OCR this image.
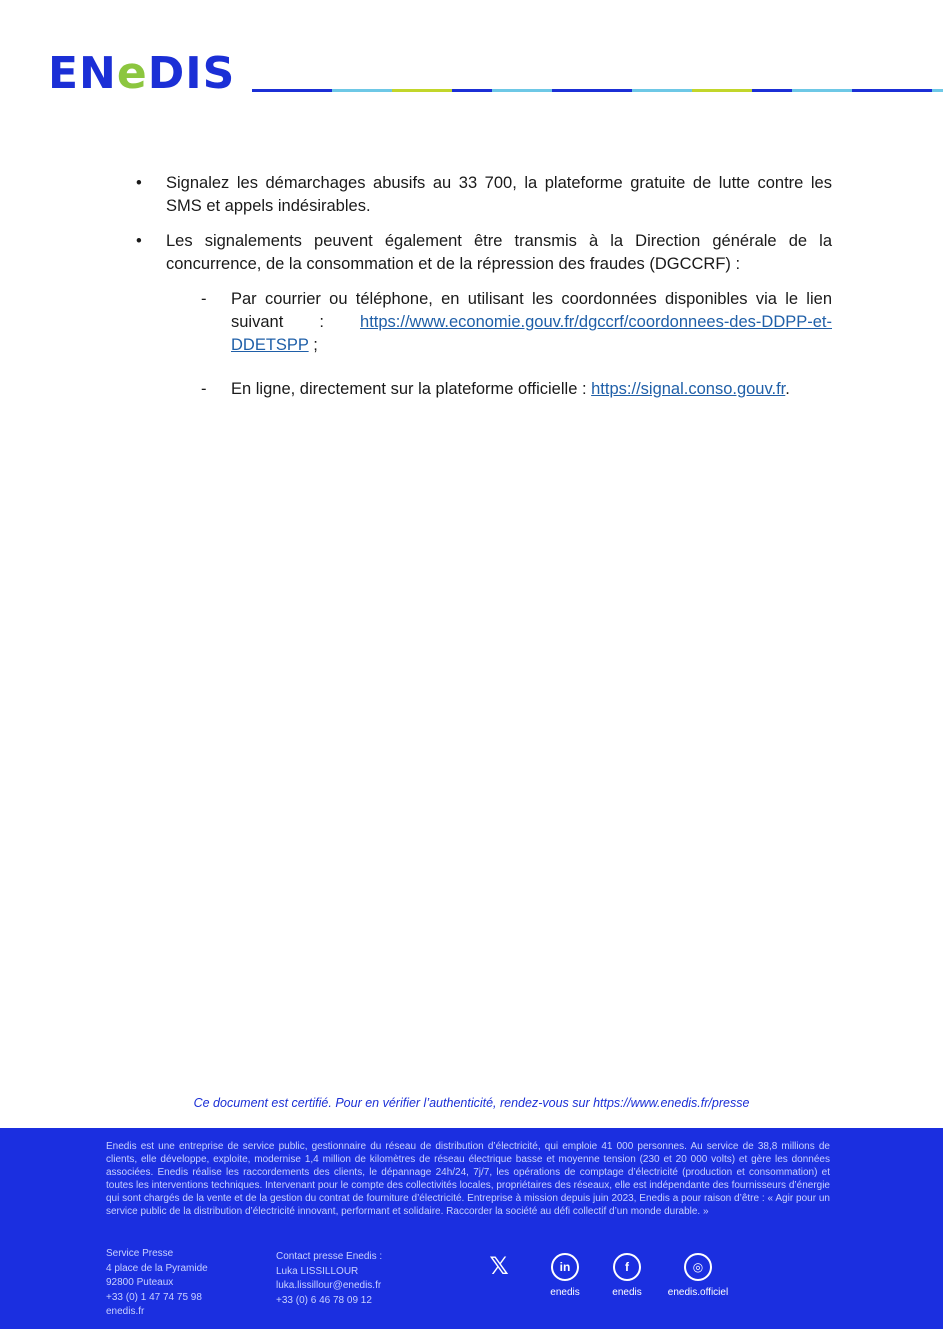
ENeDIS
• Signalez les démarchages abusifs au 33 700, la plateforme gratuite de lutte contre les SMS et appels indésirables.
• Les signalements peuvent également être transmis à la Direction générale de la concurrence, de la consommation et de la répression des fraudes (DGCCRF) :
- Par courrier ou téléphone, en utilisant les coordonnées disponibles via le lien suivant : https://www.economie.gouv.fr/dgccrf/coordonnees-des-DDPP-et-DDETSPP ;
- En ligne, directement sur la plateforme officielle : https://signal.conso.gouv.fr.
Ce document est certifié. Pour en vérifier l’authenticité, rendez-vous sur https://www.enedis.fr/presse
Enedis est une entreprise de service public, gestionnaire du réseau de distribution d’électricité, qui emploie 41 000 personnes. Au service de 38,8 millions de clients, elle développe, exploite, modernise 1,4 million de kilomètres de réseau électrique basse et moyenne tension (230 et 20 000 volts) et gère les données associées. Enedis réalise les raccordements des clients, le dépannage 24h/24, 7j/7, les opérations de comptage d’électricité (production et consommation) et toutes les interventions techniques. Intervenant pour le compte des collectivités locales, propriétaires des réseaux, elle est indépendante des fournisseurs d’énergie qui sont chargés de la vente et de la gestion du contrat de fourniture d’électricité. Entreprise à mission depuis juin 2023, Enedis a pour raison d’être : « Agir pour un service public de la distribution d’électricité innovant, performant et solidaire. Raccorder la société au défi collectif d’un monde durable. »
Service Presse
4 place de la Pyramide
92800 Puteaux
+33 (0) 1 47 74 75 98
enedis.fr
Contact presse Enedis :
Luka LISSILLOUR
luka.lissillour@enedis.fr
+33 (0) 6 46 78 09 12
𝕏	in
enedis
f
enedis
◎
enedis.officiel
